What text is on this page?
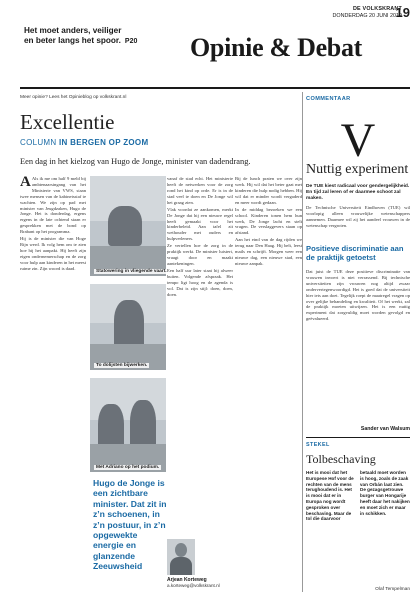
Het moet anders, veiliger
en beter langs het spoor. P20
DE VOLKSKRANT
DONDERDAG 20 JUNI 2019
19
Opinie & Debat
Meer opinie? Lees het Opinieblog op volkskrant.nl
Excellentie
COLUMN IN BERGEN OP ZOOM
Een dag in het kielzog van Hugo de Jonge, minister van dadendrang.

A Als ik me om half 9 meld bij ambtenaarsingang van het Ministerie van VWS, staan twee mensen van de kabinetsstaf te wachten. We zijn op pad met minister van Jeugdzaken, Hugo de Jonge. Het is donderdag, ergens ergens in de late ochtend staan er gesprekken met de bond op Brabant op het programma.

Hij is de minister die van Hoge Rijn werd. Ik volg hem om te zien hoe hij het aanpakt. Hij heeft zijn eigen ondernemerschap en de zorg voor hulp aan kinderen in het meest ruime zin. Zijn woord is daad.

Statowering in vliegende vaart.
To dolijsten bijwerken.
Met Adriano op het podium.
Hugo de Jonge is een zichtbare minister. Dat zit in z’n schoenen, in z’n postuur, in z’n opgewekte energie en glanzende Zeeuwsheid

vanaf de stad echt. Het ministerie heeft de netwerken voor de zorg rond het kind op orde. Er is in de stad veel te doen en De Jonge wil het graag zien.

Vlak voordat ze aankomen, merkt De Jonge dat hij een nieuwe regel heeft gemaakt voor het kinderbeleid. Aan tafel zit wethouder met ouders en hulpverleners.

Ze vertellen hoe de zorg in de praktijk werkt. De minister luistert, vraagt door en maakt aantekeningen.

Een half uur later staat hij alweer buiten. Volgende afspraak. Het tempo ligt hoog en de agenda is vol. Dat is zijn stijl: doen, doen, doen.

Bij de lunch praten we over zijn werk. Hij wil dat het beter gaat met kinderen die hulp nodig hebben. Hij wil dat er minder wordt vergaderd en meer wordt gedaan.

In de middag bezoeken we een school. Kinderen tonen hem hun werk, De Jonge lacht en stelt vragen. De verslaggevers staan op afstand.

Aan het eind van de dag rijden we terug naar Den Haag. Hij belt, leest mails en schrijft. Morgen weer een nieuwe dag, een nieuwe stad, een nieuwe aanpak.

Arjean Korteweg
a.korteweg@volkskrant.nl
COMMENTAAR
V
Nuttig experiment
De TUE kiest radicaal voor gendergelijkheid. En tijd zal leren of er daarmee schoot zal maken.
De Technische Universiteit Eindhoven (TUE) wil voorlopig alleen vrouwelijke wetenschappers aannemen. Daarmee wil zij het aandeel vrouwen in de wetenschap vergroten.
Positieve discriminatie aan de praktijk getoetst
Dat juist de TUE deze positieve discriminatie van vrouwen invoert is niet verrassend. Bij technische universiteiten zijn vrouwen nog altijd zwaar ondervertegenwoordigd. Het is goed dat de universiteit hier iets aan doet. Tegelijk roept de maatregel vragen op over gelijke behandeling en kwaliteit. Of het werkt, zal de praktijk moeten uitwijzen. Het is een nuttig experiment dat zorgvuldig moet worden gevolgd en geëvalueerd.
Sander van Walsum
STEKEL
Tolbeschaving
Het is mooi dat het Europese Hof voor de rechten van de mens terughoudend is. Het is mooi dat er in Europa nog wordt gesproken over beschaving. Maar de tol die daarvoor betaald moet worden is hoog, zoals de zaak van Orbán laat zien. De gezagsgetrouwe burger van Hongarije heeft daar het nakijken en moet zich er maar in schikken.
Olaf Tempelman
